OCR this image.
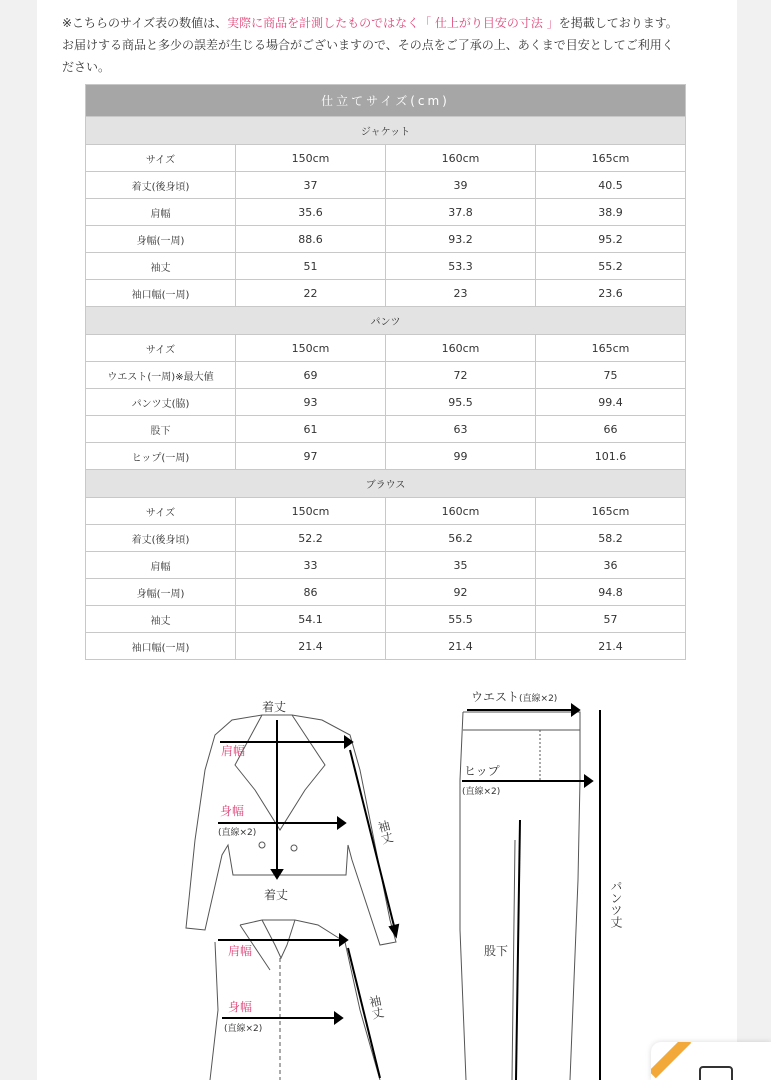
※こちらのサイズ表の数値は、実際に商品を計測したものではなく「 仕上がり目安の寸法 」を掲載しております。お届けする商品と多少の誤差が生じる場合がございますので、その点をご了承の上、あくまで目安としてご利用ください。
仕立てサイズ(cm)			
ジャケット			
サイズ	150cm	160cm	165cm
着丈(後身頃)	37	39	40.5
肩幅	35.6	37.8	38.9
身幅(一周)	88.6	93.2	95.2
袖丈	51	53.3	55.2
袖口幅(一周)	22	23	23.6
パンツ			
サイズ	150cm	160cm	165cm
ウエスト(一周)※最大値	69	72	75
パンツ丈(脇)	93	95.5	99.4
股下	61	63	66
ヒップ(一周)	97	99	101.6
ブラウス			
サイズ	150cm	160cm	165cm
着丈(後身頃)	52.2	56.2	58.2
肩幅	33	35	36
身幅(一周)	86	92	94.8
袖丈	54.1	55.5	57
袖口幅(一周)	21.4	21.4	21.4
着丈
肩幅
身幅
(直線×2)	袖丈
着丈
肩幅
身幅
(直線×2)
袖丈
ウエスト(直線×2)
ヒップ
(直線×2)
股下
パンツ丈
